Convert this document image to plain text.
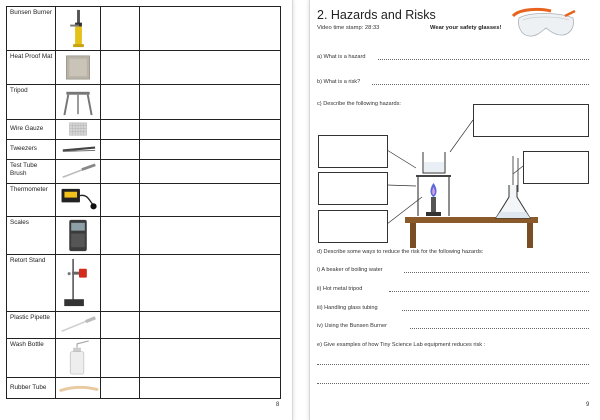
Bunsen Burner	

Heat Proof Mat	

Tripod	

Wire Gauze	

Tweezers	

Test Tube Brush	

Thermometer	

Scales	

Retort Stand	

Plastic Pipette	

Wash Bottle	

Rubber Tube	

8
2. Hazards and Risks
Video time stamp: 28:33	Wear your safety glasses!
a) What is a hazard
b) What is a risk?
c) Describe the following hazards:
d) Describe some ways to reduce the risk for the following hazards:
i) A beaker of boiling water
ii) Hot metal tripod
iii) Handling glass tubing
iv) Using the Bunsen Burner
e) Give examples of how Tiny Science Lab equipment reduces risk :
9
